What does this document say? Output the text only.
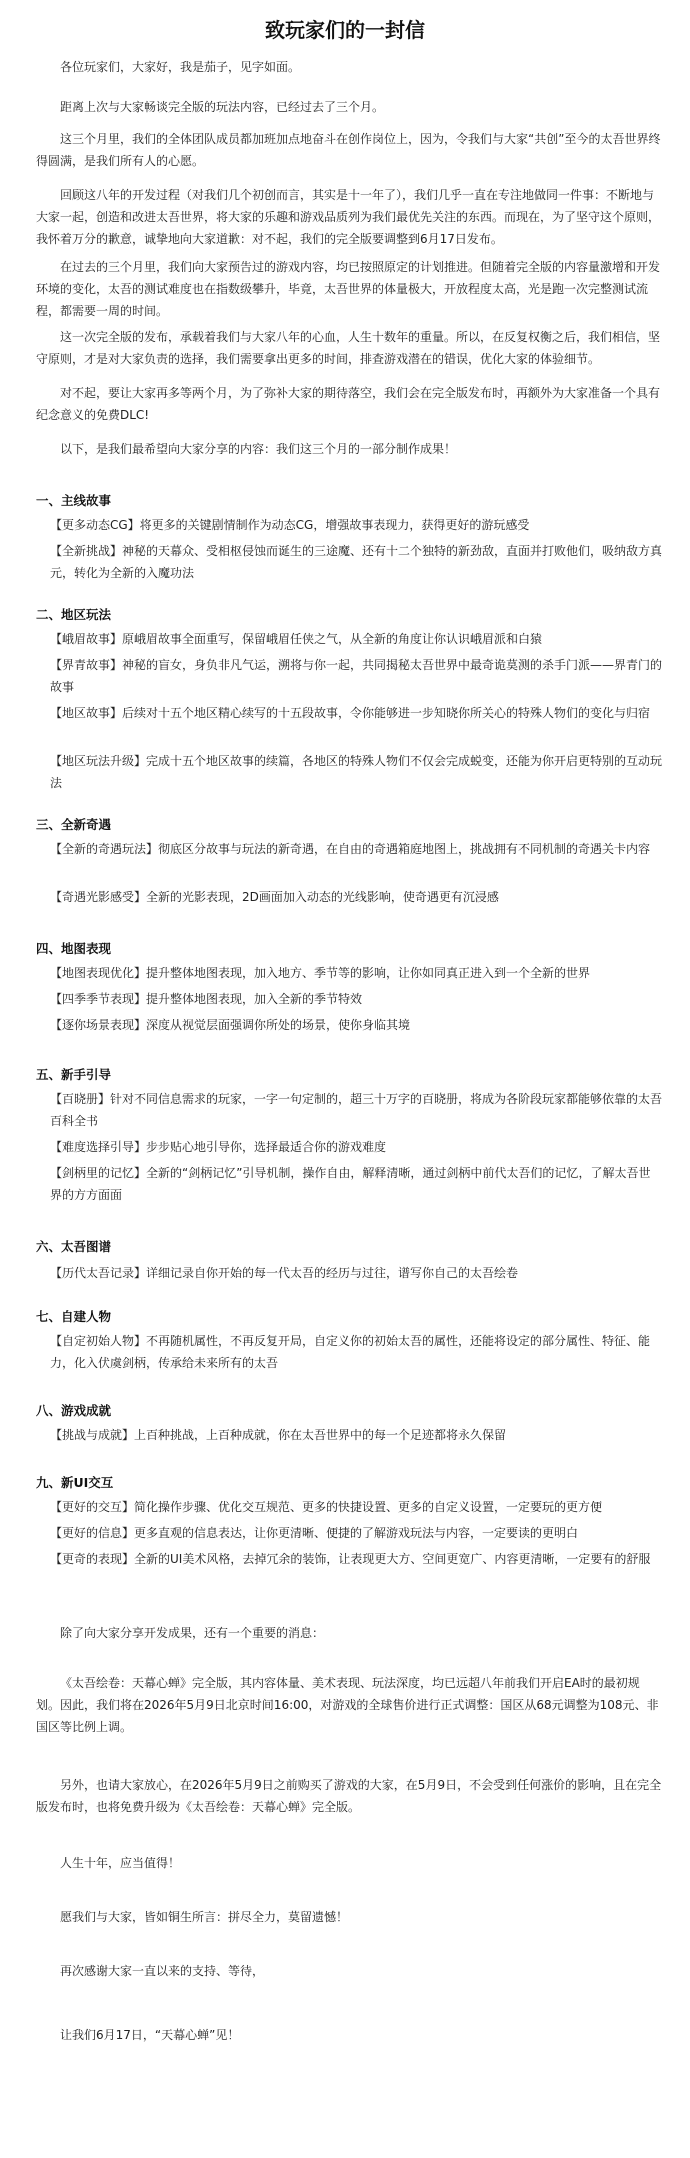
致玩家们的一封信

各位玩家们，大家好，我是茄子，见字如面。

距离上次与大家畅谈完全版的玩法内容，已经过去了三个月。

这三个月里，我们的全体团队成员都加班加点地奋斗在创作岗位上，因为，令我们与大家“共创”至今的太吾世界终得圆满，是我们所有人的心愿。

回顾这八年的开发过程（对我们几个初创而言，其实是十一年了），我们几乎一直在专注地做同一件事：不断地与大家一起，创造和改进太吾世界，将大家的乐趣和游戏品质列为我们最优先关注的东西。而现在，为了坚守这个原则，我怀着万分的歉意，诚挚地向大家道歉：对不起，我们的完全版要调整到6月17日发布。

在过去的三个月里，我们向大家预告过的游戏内容，均已按照原定的计划推进。但随着完全版的内容量激增和开发环境的变化，太吾的测试难度也在指数级攀升，毕竟，太吾世界的体量极大，开放程度太高，光是跑一次完整测试流程，都需要一周的时间。

这一次完全版的发布，承载着我们与大家八年的心血，人生十数年的重量。所以，在反复权衡之后，我们相信，坚守原则，才是对大家负责的选择，我们需要拿出更多的时间，排查游戏潜在的错误，优化大家的体验细节。

对不起，要让大家再多等两个月，为了弥补大家的期待落空，我们会在完全版发布时，再额外为大家准备一个具有纪念意义的免费DLC!

以下，是我们最希望向大家分享的内容：我们这三个月的一部分制作成果！

一、主线故事
【更多动态CG】将更多的关键剧情制作为动态CG，增强故事表现力，获得更好的游玩感受
【全新挑战】神秘的天幕众、受相枢侵蚀而诞生的三途魔、还有十二个独特的新劲敌，直面并打败他们，吸纳敌方真元，转化为全新的入魔功法
二、地区玩法
【峨眉故事】原峨眉故事全面重写，保留峨眉任侠之气，从全新的角度让你认识峨眉派和白猿
【界青故事】神秘的盲女，身负非凡气运，溯将与你一起，共同揭秘太吾世界中最奇诡莫测的杀手门派——界青门的故事
【地区故事】后续对十五个地区精心续写的十五段故事，令你能够进一步知晓你所关心的特殊人物们的变化与归宿
【地区玩法升级】完成十五个地区故事的续篇，各地区的特殊人物们不仅会完成蜕变，还能为你开启更特别的互动玩法
三、全新奇遇
【全新的奇遇玩法】彻底区分故事与玩法的新奇遇，在自由的奇遇箱庭地图上，挑战拥有不同机制的奇遇关卡内容
【奇遇光影感受】全新的光影表现，2D画面加入动态的光线影响，使奇遇更有沉浸感
四、地图表现
【地图表现优化】提升整体地图表现，加入地方、季节等的影响，让你如同真正进入到一个全新的世界
【四季季节表现】提升整体地图表现，加入全新的季节特效
【逐你场景表现】深度从视觉层面强调你所处的场景，使你身临其境
五、新手引导
【百晓册】针对不同信息需求的玩家，一字一句定制的，超三十万字的百晓册，将成为各阶段玩家都能够依靠的太吾百科全书
【难度选择引导】步步贴心地引导你，选择最适合你的游戏难度
【剑柄里的记忆】全新的“剑柄记忆”引导机制，操作自由，解释清晰，通过剑柄中前代太吾们的记忆，了解太吾世界的方方面面
六、太吾图谱
【历代太吾记录】详细记录自你开始的每一代太吾的经历与过往，谱写你自己的太吾绘卷
七、自建人物
【自定初始人物】不再随机属性，不再反复开局，自定义你的初始太吾的属性，还能将设定的部分属性、特征、能力，化入伏虞剑柄，传承给未来所有的太吾
八、游戏成就
【挑战与成就】上百种挑战，上百种成就，你在太吾世界中的每一个足迹都将永久保留
九、新UI交互
【更好的交互】简化操作步骤、优化交互规范、更多的快捷设置、更多的自定义设置，一定要玩的更方便
【更好的信息】更多直观的信息表达，让你更清晰、便捷的了解游戏玩法与内容，一定要读的更明白
【更奇的表现】全新的UI美术风格，去掉冗余的装饰，让表现更大方、空间更宽广、内容更清晰，一定要有的舒服

除了向大家分享开发成果，还有一个重要的消息：

《太吾绘卷：天幕心蝉》完全版，其内容体量、美术表现、玩法深度，均已远超八年前我们开启EA时的最初规划。因此，我们将在2026年5月9日北京时间16:00，对游戏的全球售价进行正式调整：国区从68元调整为108元、非国区等比例上调。

另外，也请大家放心，在2026年5月9日之前购买了游戏的大家，在5月9日，不会受到任何涨价的影响，且在完全版发布时，也将免费升级为《太吾绘卷：天幕心蝉》完全版。

人生十年，应当值得！

愿我们与大家，皆如铜生所言：拼尽全力，莫留遗憾！

再次感谢大家一直以来的支持、等待，

让我们6月17日，“天幕心蝉”见！
